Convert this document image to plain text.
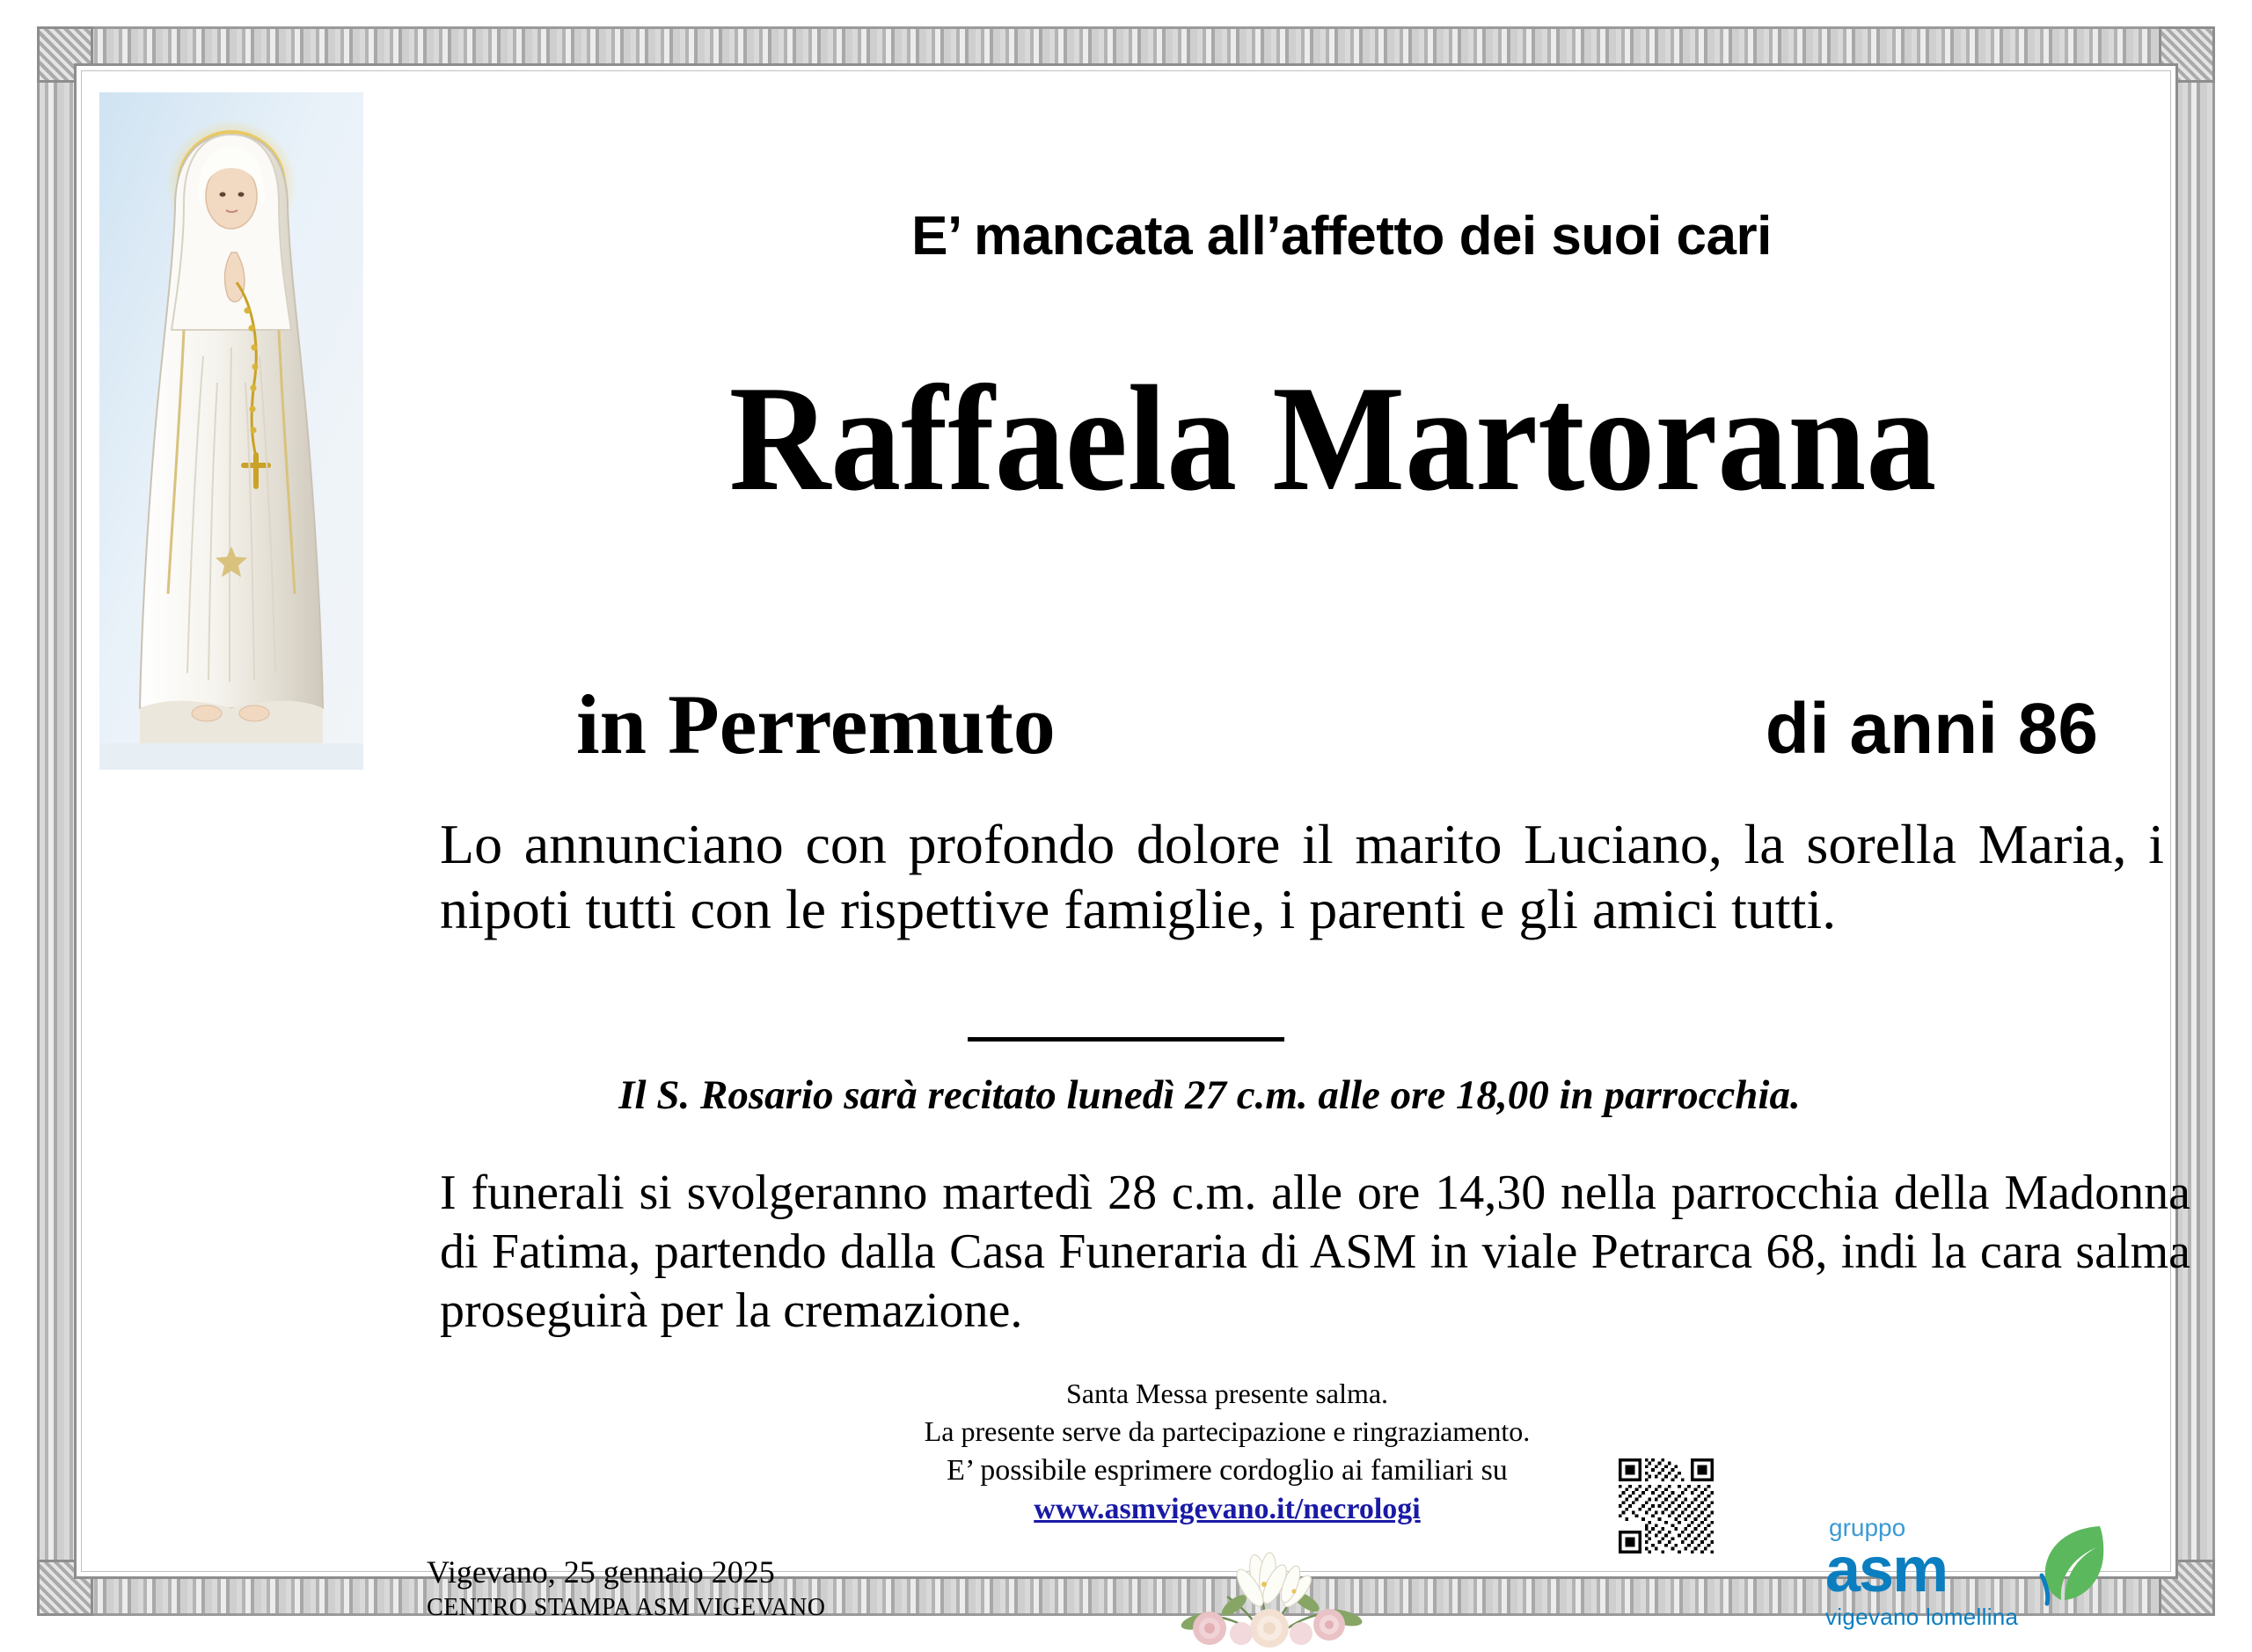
E’ mancata all’affetto dei suoi cari
Raffaela Martorana
in Perremuto	di anni 86
Lo annunciano con profondo dolore il marito Luciano, la sorella Maria, i nipoti tutti con le rispettive famiglie, i parenti e gli amici tutti.
Il S. Rosario sarà recitato lunedì 27 c.m. alle ore 18,00 in parrocchia.
I funerali si svolgeranno martedì 28 c.m. alle ore 14,30 nella parrocchia della Madonna di Fatima, partendo dalla Casa Funeraria di ASM in viale Petrarca 68, indi la cara salma proseguirà per la cremazione.
Santa Messa presente salma.
La presente serve da partecipazione e ringraziamento.
E’ possibile esprimere cordoglio ai familiari su
www.asmvigevano.it/necrologi
Vigevano, 25 gennaio 2025
CENTRO STAMPA ASM VIGEVANO
gruppo
asm
vigevano lomellina
